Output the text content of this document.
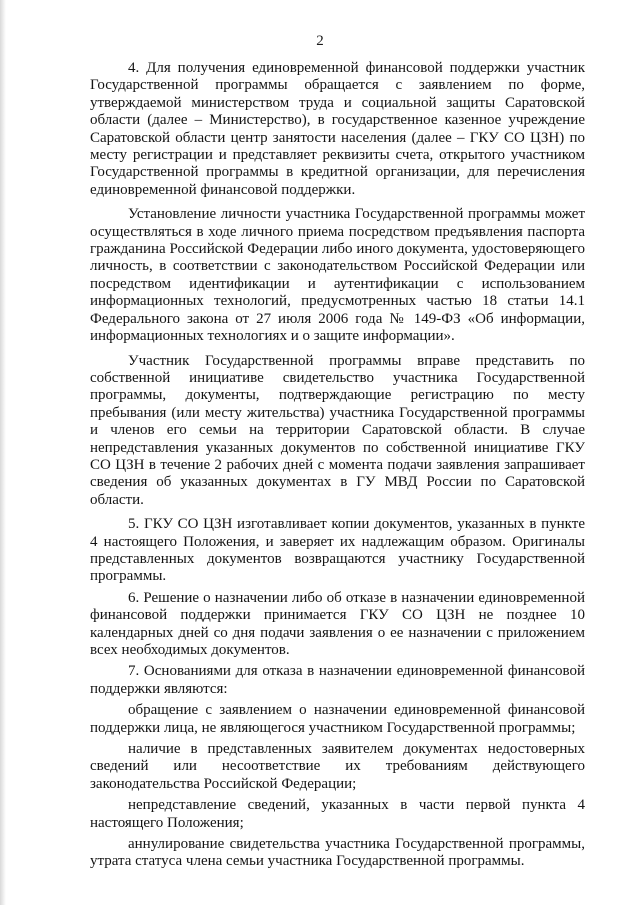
2

4. Для получения единовременной финансовой поддержки участник Государственной программы обращается с заявлением по форме, утверждаемой министерством труда и социальной защиты Саратовской области (далее – Министерство), в государственное казенное учреждение Саратовской области центр занятости населения (далее – ГКУ СО ЦЗН) по месту регистрации и представляет реквизиты счета, открытого участником Государственной программы в кредитной организации, для перечисления единовременной финансовой поддержки.

Установление личности участника Государственной программы может осуществляться в ходе личного приема посредством предъявления паспорта гражданина Российской Федерации либо иного документа, удостоверяющего личность, в соответствии с законодательством Российской Федерации или посредством идентификации и аутентификации с использованием информационных технологий, предусмотренных частью 18 статьи 14.1 Федерального закона от 27 июля 2006 года № 149-ФЗ «Об информации, информационных технологиях и о защите информации».

Участник Государственной программы вправе представить по собственной инициативе свидетельство участника Государственной программы, документы, подтверждающие регистрацию по месту пребывания (или месту жительства) участника Государственной программы и членов его семьи на территории Саратовской области. В случае непредставления указанных документов по собственной инициативе ГКУ СО ЦЗН в течение 2 рабочих дней с момента подачи заявления запрашивает сведения об указанных документах в ГУ МВД России по Саратовской области.

5. ГКУ СО ЦЗН изготавливает копии документов, указанных в пункте 4 настоящего Положения, и заверяет их надлежащим образом. Оригиналы представленных документов возвращаются участнику Государственной программы.

6. Решение о назначении либо об отказе в назначении единовременной финансовой поддержки принимается ГКУ СО ЦЗН не позднее 10 календарных дней со дня подачи заявления о ее назначении с приложением всех необходимых документов.

7. Основаниями для отказа в назначении единовременной финансовой поддержки являются:

обращение с заявлением о назначении единовременной финансовой поддержки лица, не являющегося участником Государственной программы;

наличие в представленных заявителем документах недостоверных сведений или несоответствие их требованиям действующего законодательства Российской Федерации;

непредставление сведений, указанных в части первой пункта 4 настоящего Положения;

аннулирование свидетельства участника Государственной программы, утрата статуса члена семьи участника Государственной программы.
